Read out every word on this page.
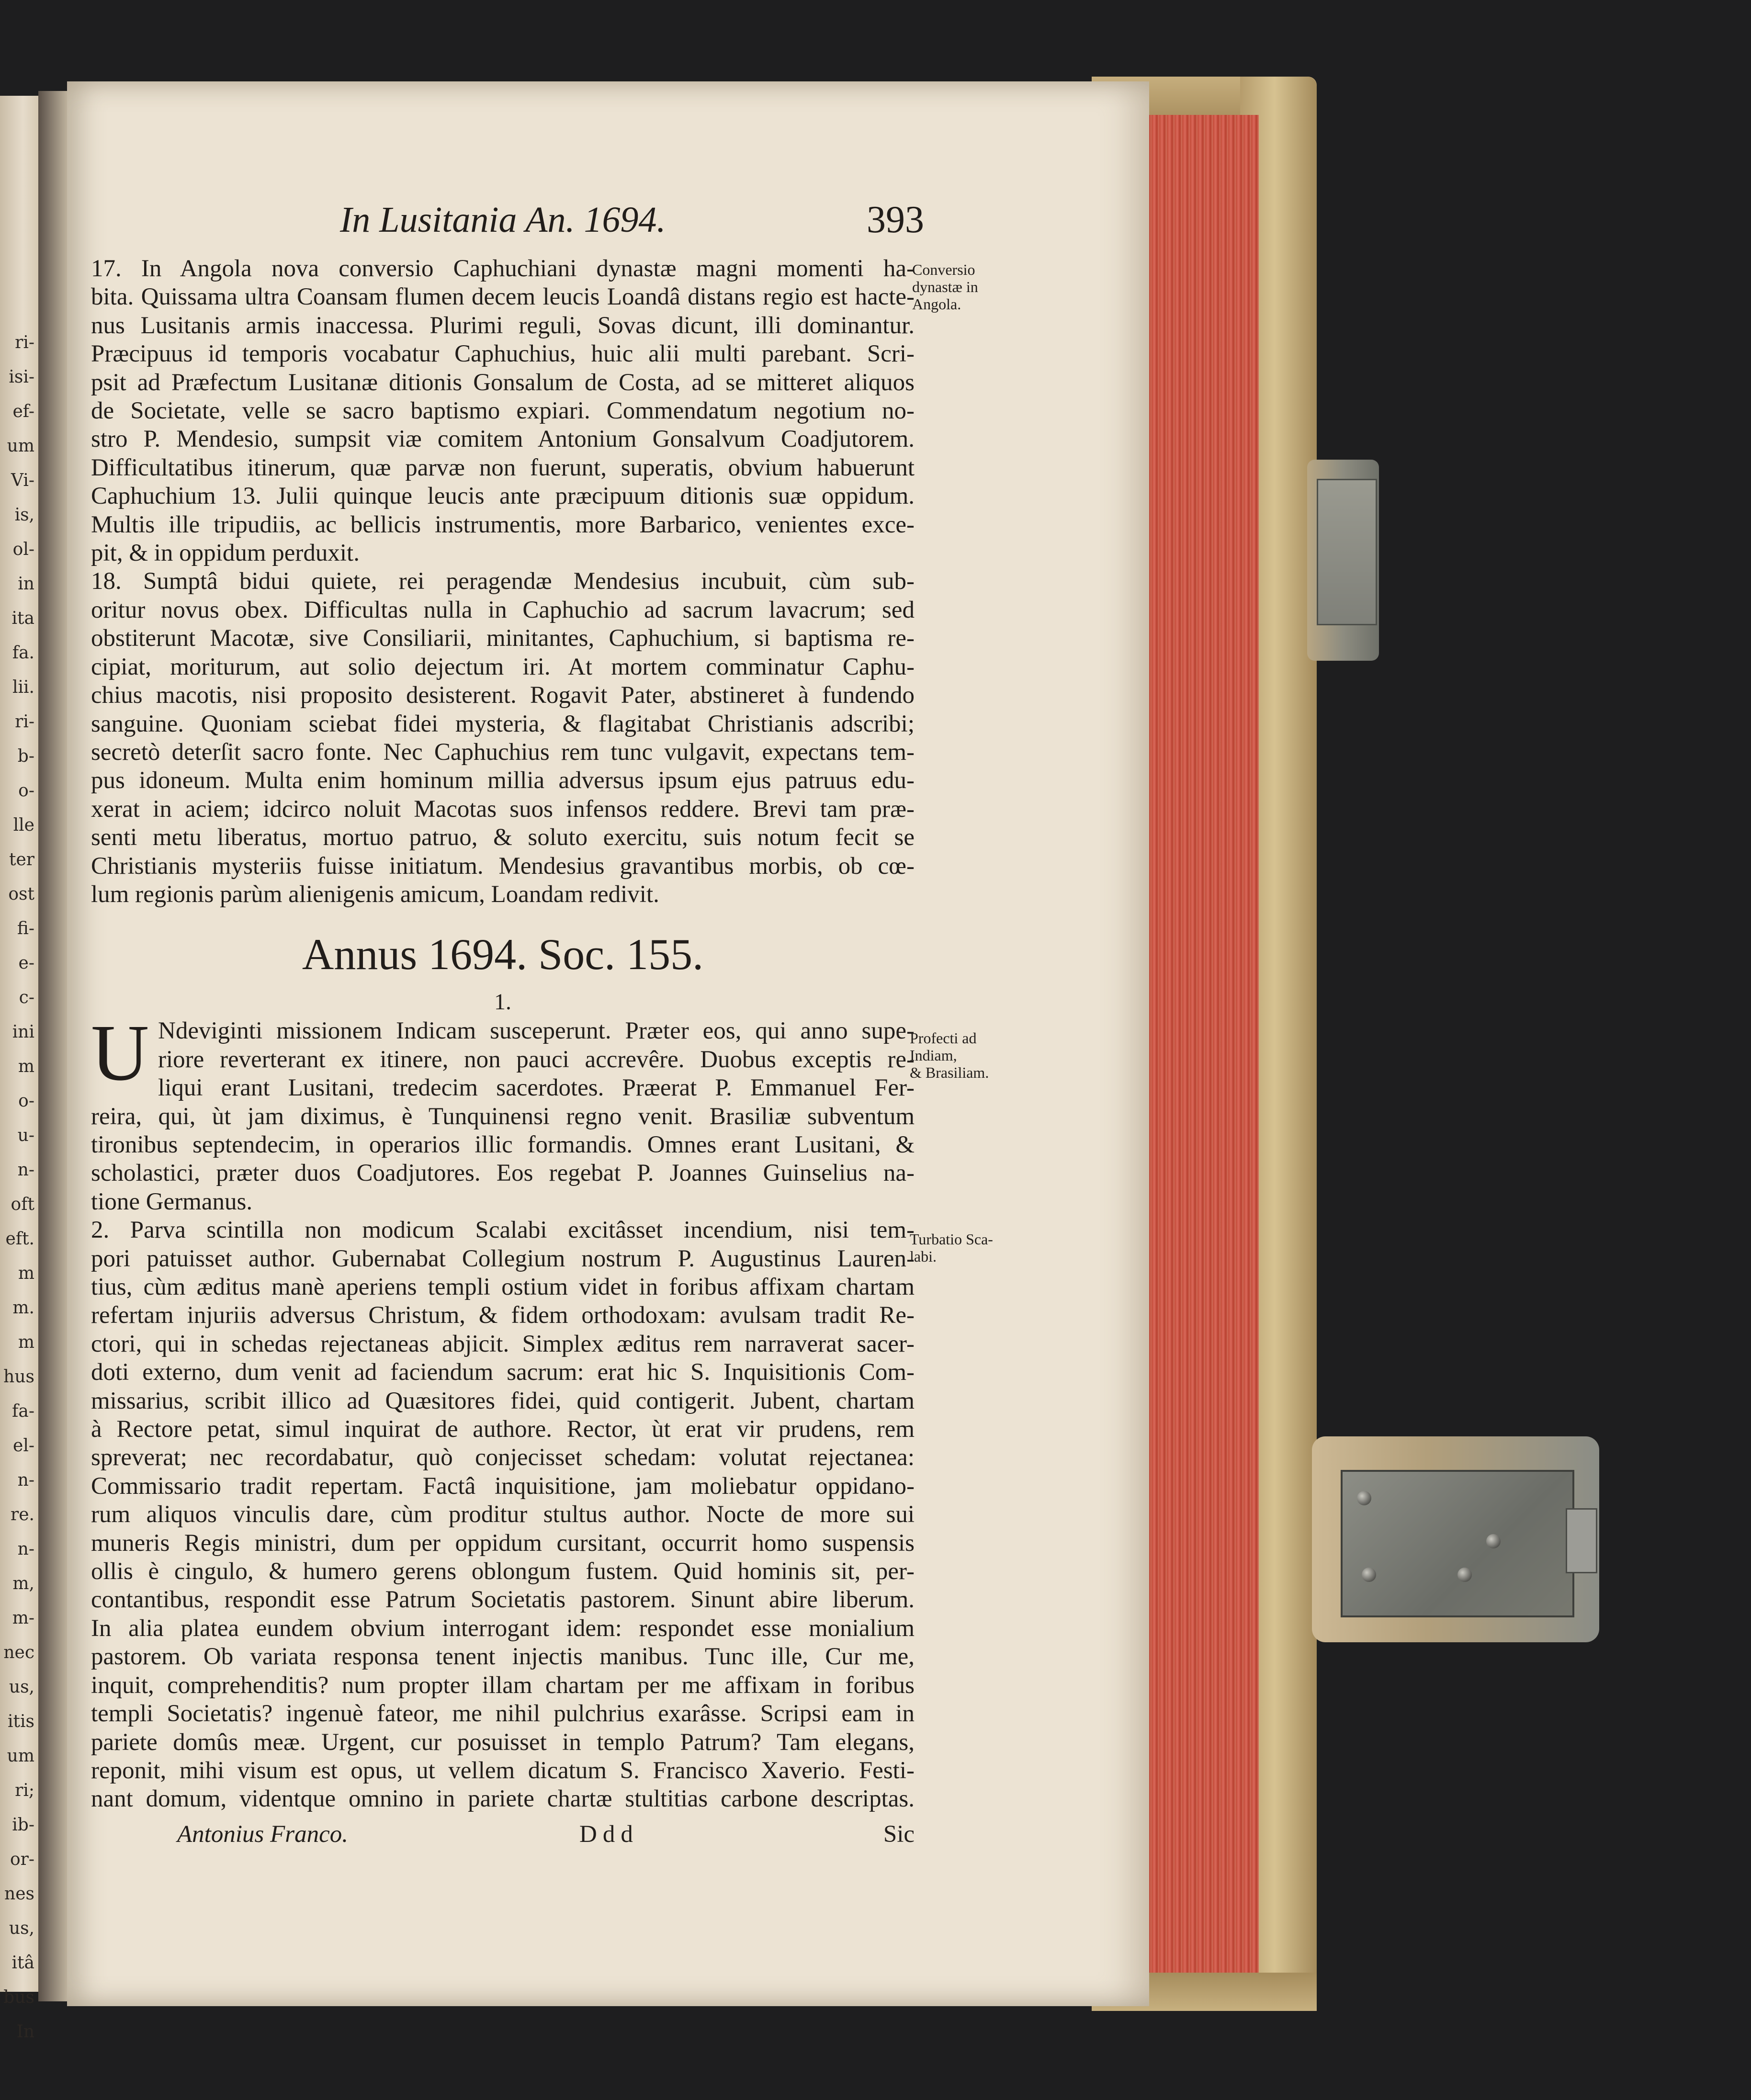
ri-
isi-
ef-
um
Vi-
is,
ol-
in
ita
fa.
lii.
ri-
b-
o-
lle
ter
ost
fi-
e-
c-
ini
m
o-
u-
n-
oft
eft.
m
m.
m
hus
fa-
el-
n-
re.
n-
m,
m-
nec
us,
itis
um
ri;
ib-
or-
nes
us,
itâ
bus
In
In Lusitania An. 1694.	393
17. In Angola nova conversio Caphuchiani dynastæ magni momenti ha-
bita. Quissama ultra Coansam flumen decem leucis Loandâ distans regio est hacte-
nus Lusitanis armis inaccessa. Plurimi reguli, Sovas dicunt, illi dominantur.
Præcipuus id temporis vocabatur Caphuchius, huic alii multi parebant. Scri-
psit ad Præfectum Lusitanæ ditionis Gonsalum de Costa, ad se mitteret aliquos
de Societate, velle se sacro baptismo expiari. Commendatum negotium no-
stro P. Mendesio, sumpsit viæ comitem Antonium Gonsalvum Coadjutorem.
Difficultatibus itinerum, quæ parvæ non fuerunt, superatis, obvium habuerunt
Caphuchium 13. Julii quinque leucis ante præcipuum ditionis suæ oppidum.
Multis ille tripudiis, ac bellicis instrumentis, more Barbarico, venientes exce-
pit, & in oppidum perduxit.
18. Sumptâ bidui quiete, rei peragendæ Mendesius incubuit, cùm sub-
oritur novus obex. Difficultas nulla in Caphuchio ad sacrum lavacrum; sed
obstiterunt Macotæ, sive Consiliarii, minitantes, Caphuchium, si baptisma re-
cipiat, moriturum, aut solio dejectum iri. At mortem comminatur Caphu-
chius macotis, nisi proposito desisterent. Rogavit Pater, abstineret à fundendo
sanguine. Quoniam sciebat fidei mysteria, & flagitabat Christianis adscribi;
secretò deterſit sacro fonte. Nec Caphuchius rem tunc vulgavit, expectans tem-
pus idoneum. Multa enim hominum millia adversus ipsum ejus patruus edu-
xerat in aciem; idcirco noluit Macotas suos infensos reddere. Brevi tam præ-
senti metu liberatus, mortuo patruo, & soluto exercitu, suis notum fecit se
Christianis mysteriis fuisse initiatum. Mendesius gravantibus morbis, ob cœ-
lum regionis parùm alienigenis amicum, Loandam redivit.
Annus 1694. Soc. 155.
1.
U Ndeviginti missionem Indicam susceperunt. Præter eos, qui anno supe-
riore reverterant ex itinere, non pauci accrevêre. Duobus exceptis re-
liqui erant Lusitani, tredecim sacerdotes. Præerat P. Emmanuel Fer-
reira, qui, ùt jam diximus, è Tunquinensi regno venit. Brasiliæ subventum
tironibus septendecim, in operarios illic formandis. Omnes erant Lusitani, &
scholastici, præter duos Coadjutores. Eos regebat P. Joannes Guinselius na-
tione Germanus.
2. Parva scintilla non modicum Scalabi excitâsset incendium, nisi tem-
pori patuisset author. Gubernabat Collegium nostrum P. Augustinus Lauren-
tius, cùm æditus manè aperiens templi ostium videt in foribus affixam chartam
refertam injuriis adversus Christum, & fidem orthodoxam: avulsam tradit Re-
ctori, qui in schedas rejectaneas abjicit. Simplex æditus rem narraverat sacer-
doti externo, dum venit ad faciendum sacrum: erat hic S. Inquisitionis Com-
missarius, scribit illico ad Quæsitores fidei, quid contigerit. Jubent, chartam
à Rectore petat, simul inquirat de authore. Rector, ùt erat vir prudens, rem
spreverat; nec recordabatur, quò conjecisset schedam: volutat rejectanea:
Commissario tradit repertam. Factâ inquisitione, jam moliebatur oppidano-
rum aliquos vinculis dare, cùm proditur stultus author. Nocte de more sui
muneris Regis ministri, dum per oppidum cursitant, occurrit homo suspensis
ollis è cingulo, & humero gerens oblongum fustem. Quid hominis sit, per-
contantibus, respondit esse Patrum Societatis pastorem. Sinunt abire liberum.
In alia platea eundem obvium interrogant idem: respondet esse monialium
pastorem. Ob variata responsa tenent injectis manibus. Tunc ille, Cur me,
inquit, comprehenditis? num propter illam chartam per me affixam in foribus
templi Societatis? ingenuè fateor, me nihil pulchrius exarâsse. Scripsi eam in
pariete domûs meæ. Urgent, cur posuisset in templo Patrum? Tam elegans,
reponit, mihi visum est opus, ut vellem dicatum S. Francisco Xaverio. Festi-
nant domum, videntque omnino in pariete chartæ stultitias carbone descriptas.
Antonius Franco.	Ddd	Sic
Conversio
dynastæ in
Angola.
Profecti ad
Indiam,
& Brasiliam.
Turbatio Sca-
labi.
